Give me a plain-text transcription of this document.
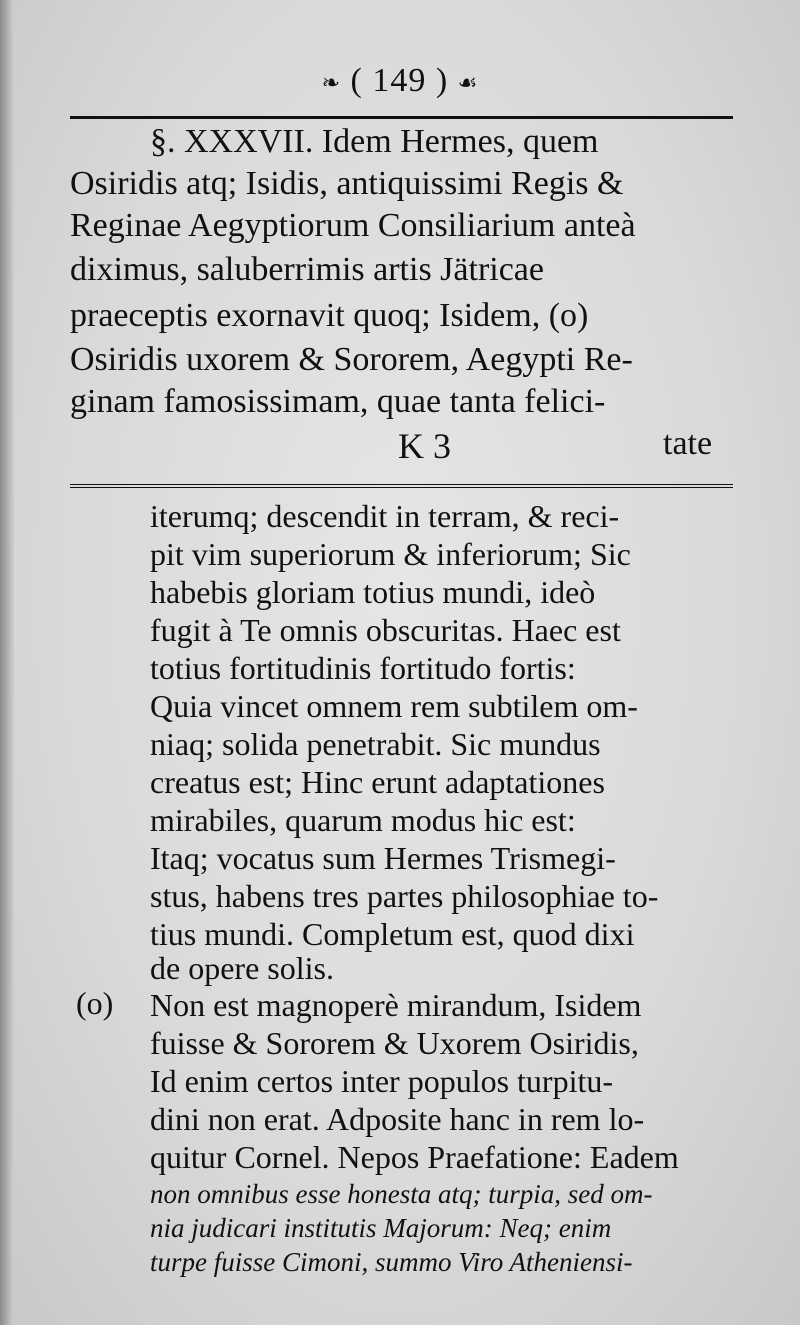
❧ ( 149 ) ☙
§. XXXVII. Idem Hermes, quem
Osiridis atq; Isidis, antiquissimi Regis &
Reginae Aegyptiorum Consiliarium anteà
diximus, saluberrimis artis Jätricae
praeceptis exornavit quoq; Isidem, (o)
Osiridis uxorem & Sororem, Aegypti Re-
ginam famosissimam, quae tanta felici-
K 3	tate
iterumq; descendit in terram, & reci-
pit vim superiorum & inferiorum; Sic
habebis gloriam totius mundi, ideò
fugit à Te omnis obscuritas. Haec est
totius fortitudinis fortitudo fortis:
Quia vincet omnem rem subtilem om-
niaq; solida penetrabit. Sic mundus
creatus est; Hinc erunt adaptationes
mirabiles, quarum modus hic est:
Itaq; vocatus sum Hermes Trismegi-
stus, habens tres partes philosophiae to-
tius mundi. Completum est, quod dixi
de opere solis.
(o) Non est magnoperè mirandum, Isidem
fuisse & Sororem & Uxorem Osiridis,
Id enim certos inter populos turpitu-
dini non erat. Adposite hanc in rem lo-
quitur Cornel. Nepos Praefatione: Eadem
non omnibus esse honesta atq; turpia, sed om-
nia judicari institutis Majorum: Neq; enim
turpe fuisse Cimoni, summo Viro Atheniensi-
